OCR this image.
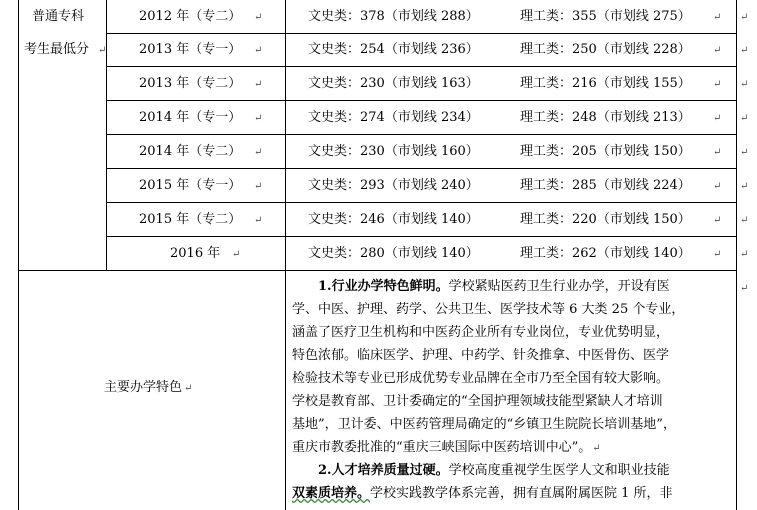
普通专科
考生最低分 ↵
2012 年（专二） ↵	文史类：378（市划线 288）	理工类：355（市划线 275） ↵
2013 年（专一） ↵	文史类：254（市划线 236）	理工类：250（市划线 228） ↵
2013 年（专二） ↵	文史类：230（市划线 163）	理工类：216（市划线 155） ↵
2014 年（专一） ↵	文史类：274（市划线 234）	理工类：248（市划线 213） ↵
2014 年（专二） ↵	文史类：230（市划线 160）	理工类：205（市划线 150） ↵
2015 年（专一） ↵	文史类：293（市划线 240）	理工类：285（市划线 224） ↵
2015 年（专二） ↵	文史类：246（市划线 140）	理工类：220（市划线 150） ↵
2016 年 ↵	文史类：280（市划线 140）	理工类：262（市划线 140） ↵
↵
↵
↵
↵
↵
↵
↵
↵
主要办学特色 ↵
1.行业办学特色鲜明。学校紧贴医药卫生行业办学，开设有医
学、中医、护理、药学、公共卫生、医学技术等 6 大类 25 个专业，
涵盖了医疗卫生机构和中医药企业所有专业岗位，专业优势明显，
特色浓郁。临床医学、护理、中药学、针灸推拿、中医骨伤、医学
检验技术等专业已形成优势专业品牌在全市乃至全国有较大影响。
学校是教育部、卫计委确定的“全国护理领域技能型紧缺人才培训
基地”，卫计委、中医药管理局确定的“乡镇卫生院院长培训基地”，
重庆市教委批准的“重庆三峡国际中医药培训中心”。↵
2.人才培养质量过硬。学校高度重视学生医学人文和职业技能
双素质培养。学校实践教学体系完善，拥有直属附属医院 1 所，非
↵
